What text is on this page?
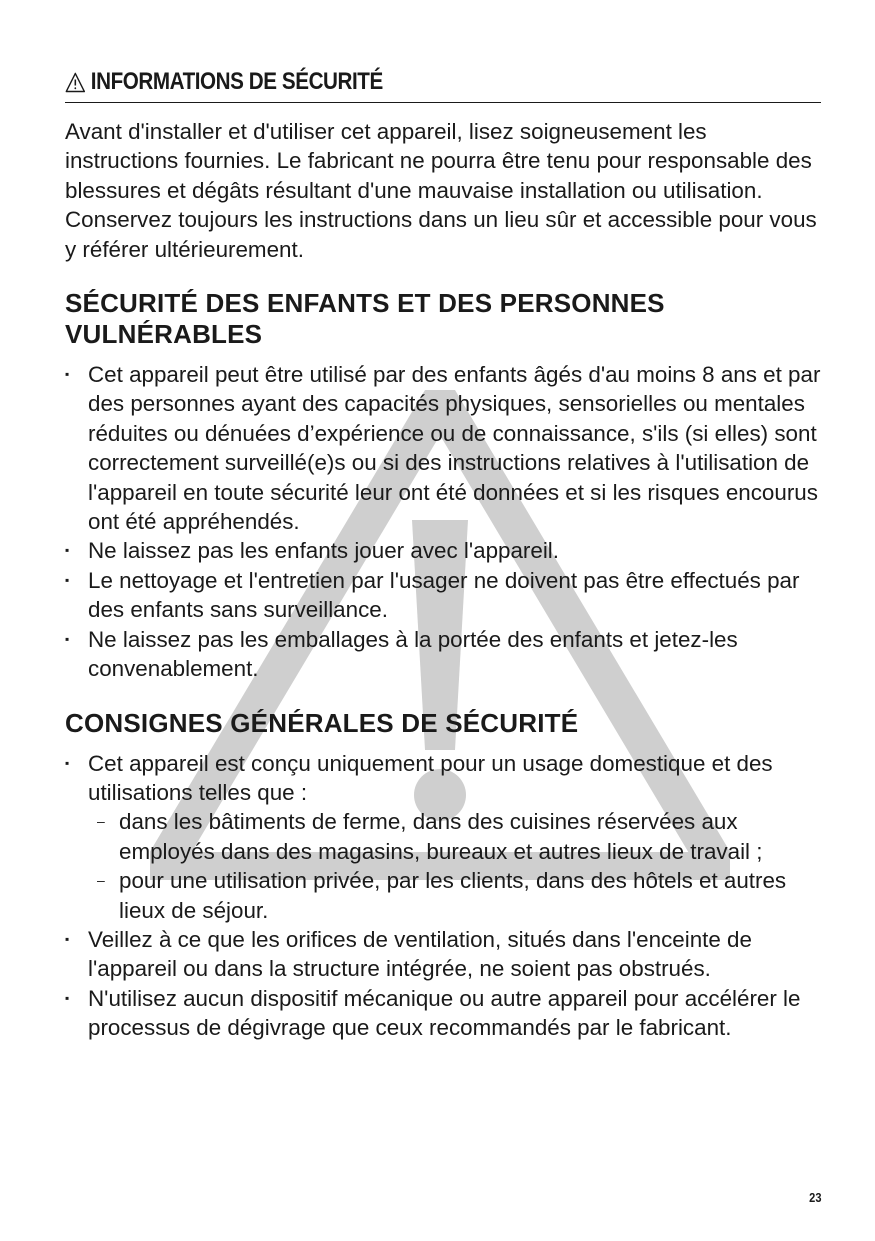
INFORMATIONS DE SÉCURITÉ

Avant d'installer et d'utiliser cet appareil, lisez soigneusement les instructions fournies. Le fabricant ne pourra être tenu pour responsable des blessures et dégâts résultant d'une mauvaise installation ou utilisation. Conservez toujours les instructions dans un lieu sûr et accessible pour vous y référer ultérieurement.

SÉCURITÉ DES ENFANTS ET DES PERSONNES VULNÉRABLES
▪ Cet appareil peut être utilisé par des enfants âgés d'au moins 8 ans et par des personnes ayant des capacités physiques, sensorielles ou mentales réduites ou dénuées d’expérience ou de connaissance, s'ils (si elles) sont correctement surveillé(e)s ou si des instructions relatives à l'utilisation de l'appareil en toute sécurité leur ont été données et si les risques encourus ont été appréhendés.
▪ Ne laissez pas les enfants jouer avec l'appareil.
▪ Le nettoyage et l'entretien par l'usager ne doivent pas être effectués par des enfants sans surveillance.
▪ Ne laissez pas les emballages à la portée des enfants et jetez-les convenablement.
CONSIGNES GÉNÉRALES DE SÉCURITÉ
▪ Cet appareil est conçu uniquement pour un usage domestique et des utilisations telles que :
– dans les bâtiments de ferme, dans des cuisines réservées aux employés dans des magasins, bureaux et autres lieux de travail ;
– pour une utilisation privée, par les clients, dans des hôtels et autres lieux de séjour.
▪ Veillez à ce que les orifices de ventilation, situés dans l'enceinte de l'appareil ou dans la structure intégrée, ne soient pas obstrués.
▪ N'utilisez aucun dispositif mécanique ou autre appareil pour accélérer le processus de dégivrage que ceux recommandés par le fabricant.
23
